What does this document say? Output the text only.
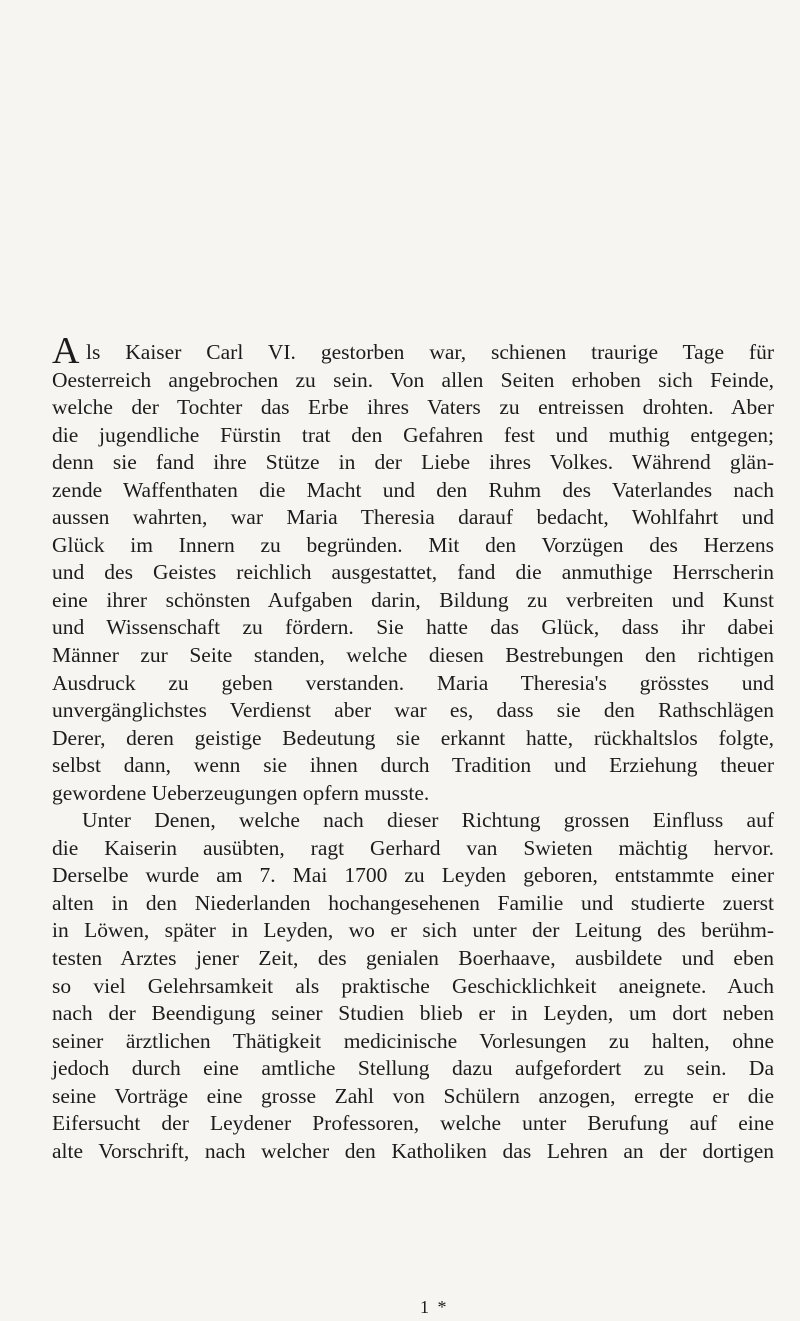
A ls Kaiser Carl VI. gestorben war, schienen traurige Tage für
Oesterreich angebrochen zu sein. Von allen Seiten erhoben sich Feinde,
welche der Tochter das Erbe ihres Vaters zu entreissen drohten. Aber
die jugendliche Fürstin trat den Gefahren fest und muthig entgegen;
denn sie fand ihre Stütze in der Liebe ihres Volkes. Während glän-
zende Waffenthaten die Macht und den Ruhm des Vaterlandes nach
aussen wahrten, war Maria Theresia darauf bedacht, Wohlfahrt und
Glück im Innern zu begründen. Mit den Vorzügen des Herzens
und des Geistes reichlich ausgestattet, fand die anmuthige Herrscherin
eine ihrer schönsten Aufgaben darin, Bildung zu verbreiten und Kunst
und Wissenschaft zu fördern. Sie hatte das Glück, dass ihr dabei
Männer zur Seite standen, welche diesen Bestrebungen den richtigen
Ausdruck zu geben verstanden. Maria Theresia's grösstes und
unvergänglichstes Verdienst aber war es, dass sie den Rathschlägen
Derer, deren geistige Bedeutung sie erkannt hatte, rückhaltslos folgte,
selbst dann, wenn sie ihnen durch Tradition und Erziehung theuer
gewordene Ueberzeugungen opfern musste.
Unter Denen, welche nach dieser Richtung grossen Einfluss auf
die Kaiserin ausübten, ragt Gerhard van Swieten mächtig hervor.
Derselbe wurde am 7. Mai 1700 zu Leyden geboren, entstammte einer
alten in den Niederlanden hochangesehenen Familie und studierte zuerst
in Löwen, später in Leyden, wo er sich unter der Leitung des berühm-
testen Arztes jener Zeit, des genialen Boerhaave, ausbildete und eben
so viel Gelehrsamkeit als praktische Geschicklichkeit aneignete. Auch
nach der Beendigung seiner Studien blieb er in Leyden, um dort neben
seiner ärztlichen Thätigkeit medicinische Vorlesungen zu halten, ohne
jedoch durch eine amtliche Stellung dazu aufgefordert zu sein. Da
seine Vorträge eine grosse Zahl von Schülern anzogen, erregte er die
Eifersucht der Leydener Professoren, welche unter Berufung auf eine
alte Vorschrift, nach welcher den Katholiken das Lehren an der dortigen
1 *
